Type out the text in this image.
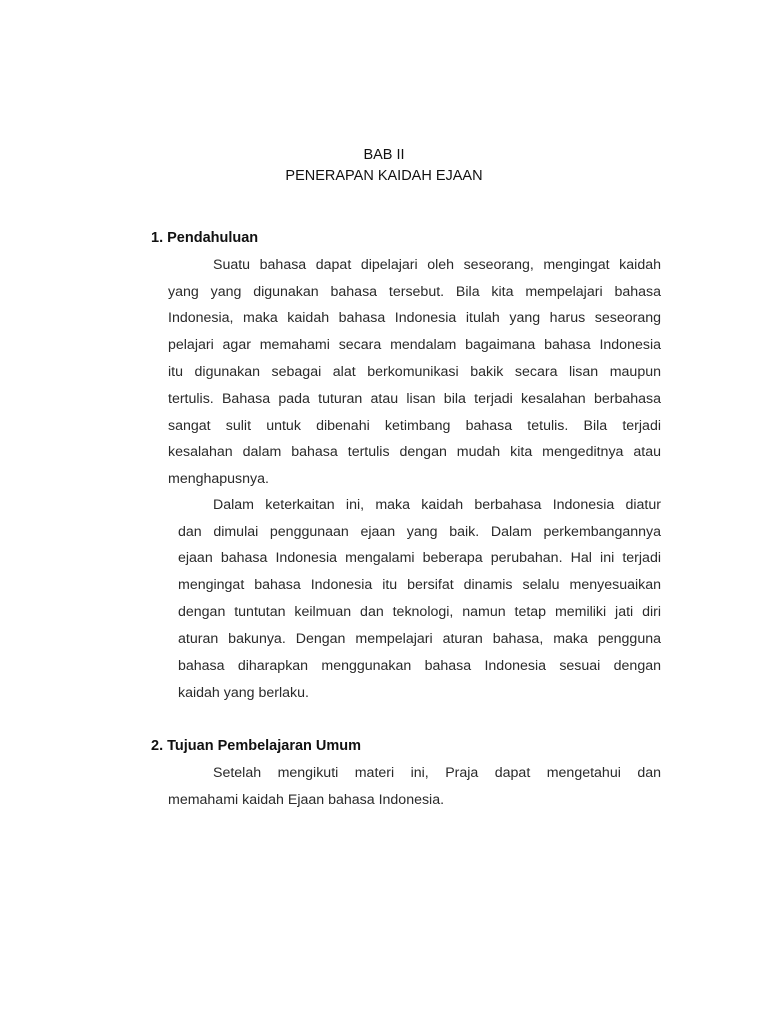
BAB II
PENERAPAN KAIDAH EJAAN
1. Pendahuluan
Suatu bahasa dapat dipelajari oleh seseorang, mengingat kaidah
yang yang digunakan bahasa tersebut. Bila kita mempelajari bahasa
Indonesia, maka kaidah bahasa Indonesia itulah yang harus seseorang
pelajari agar memahami secara mendalam bagaimana bahasa Indonesia
itu digunakan sebagai alat berkomunikasi bakik secara lisan maupun
tertulis. Bahasa pada tuturan atau lisan bila terjadi kesalahan berbahasa
sangat sulit untuk dibenahi ketimbang bahasa tetulis. Bila terjadi
kesalahan dalam bahasa tertulis dengan mudah kita mengeditnya atau
menghapusnya.
Dalam keterkaitan ini, maka kaidah berbahasa Indonesia diatur
dan dimulai penggunaan ejaan yang baik. Dalam perkembangannya
ejaan bahasa Indonesia mengalami beberapa perubahan. Hal ini terjadi
mengingat bahasa Indonesia itu bersifat dinamis selalu menyesuaikan
dengan tuntutan keilmuan dan teknologi, namun tetap memiliki jati diri
aturan bakunya. Dengan mempelajari aturan bahasa, maka pengguna
bahasa diharapkan menggunakan bahasa Indonesia sesuai dengan
kaidah yang berlaku.
2. Tujuan Pembelajaran Umum
Setelah mengikuti materi ini, Praja dapat mengetahui dan
memahami kaidah Ejaan bahasa Indonesia.
